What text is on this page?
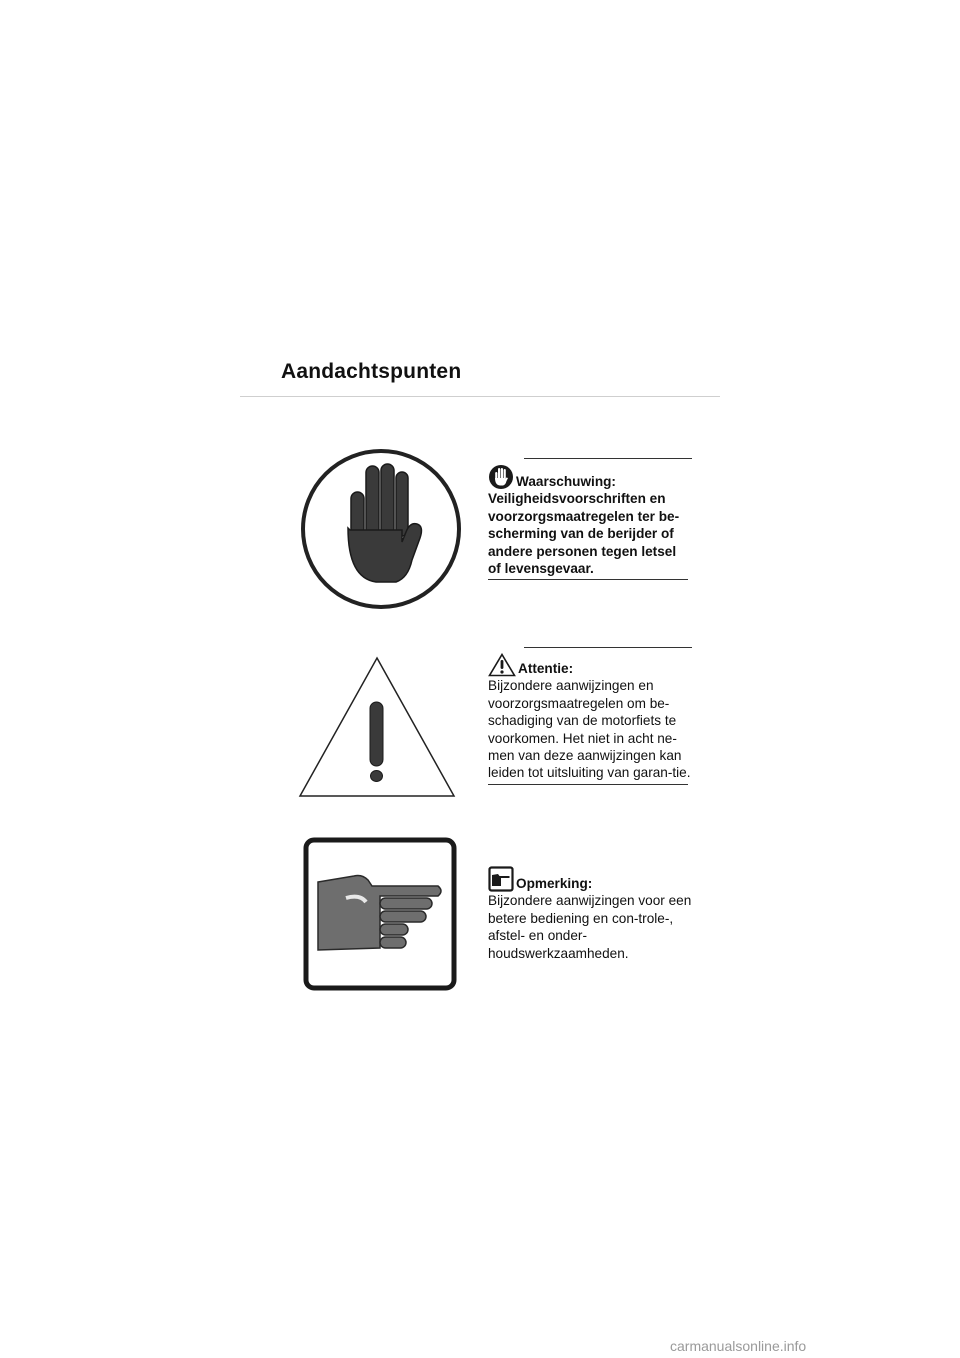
Aandachtspunten
Waarschuwing:

Veiligheidsvoorschriften en voorzorgsmaatregelen ter be-scherming van de berijder of andere personen tegen letsel of levensgevaar.

Attentie:

Bijzondere aanwijzingen en voorzorgsmaatregelen om be-schadiging van de motorfiets te voorkomen. Het niet in acht ne-men van deze aanwijzingen kan leiden tot uitsluiting van garan-tie.

Opmerking:

Bijzondere aanwijzingen voor een betere bediening en con-trole-, afstel- en onder-houdswerkzaamheden.

carmanualsonline.info
